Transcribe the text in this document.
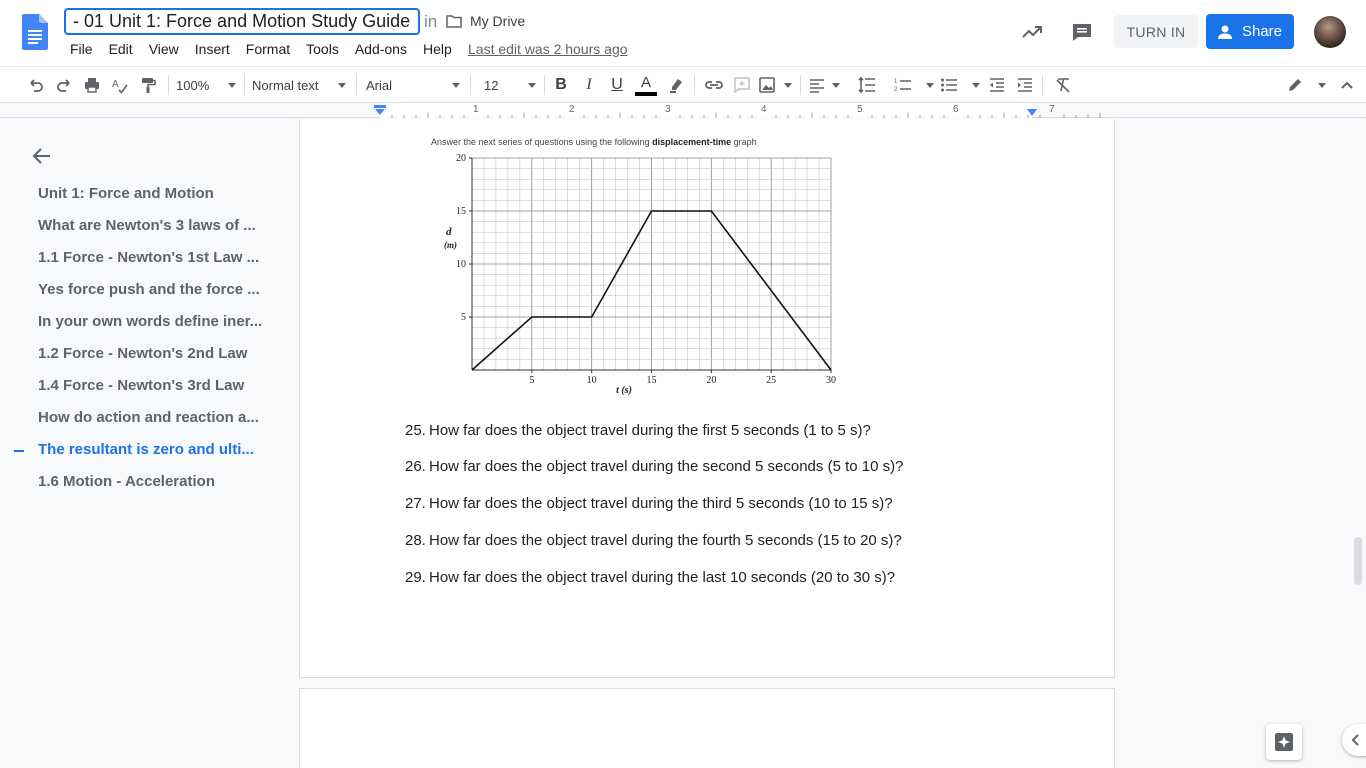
- 01 Unit 1: Force and Motion Study Guide in My Drive
File	Edit	View	Insert	Format	Tools	Add-ons	Help	Last edit was 2 hours ago
TURN IN	Share
A	100%	Normal text	Arial	12	B	I	U	A	1
2
1	2	3	4	5	6	7
Unit 1: Force and Motion
What are Newton's 3 laws of ...
1.1 Force - Newton's 1st Law ...
Yes force push and the force ...
In your own words define iner...
1.2 Force - Newton's 2nd Law
1.4 Force - Newton's 3rd Law
How do action and reaction a...
The resultant is zero and ulti...
1.6 Motion - Acceleration
Answer the next series of questions using the following displacement-time graph
5	10	15	20	25	30
5
10
15
20
d
(m)
t (s)
25. How far does the object travel during the first 5 seconds (1 to 5 s)?
26. How far does the object travel during the second 5 seconds (5 to 10 s)?
27. How far does the object travel during the third 5 seconds (10 to 15 s)?
28. How far does the object travel during the fourth 5 seconds (15 to 20 s)?
29. How far does the object travel during the last 10 seconds (20 to 30 s)?
